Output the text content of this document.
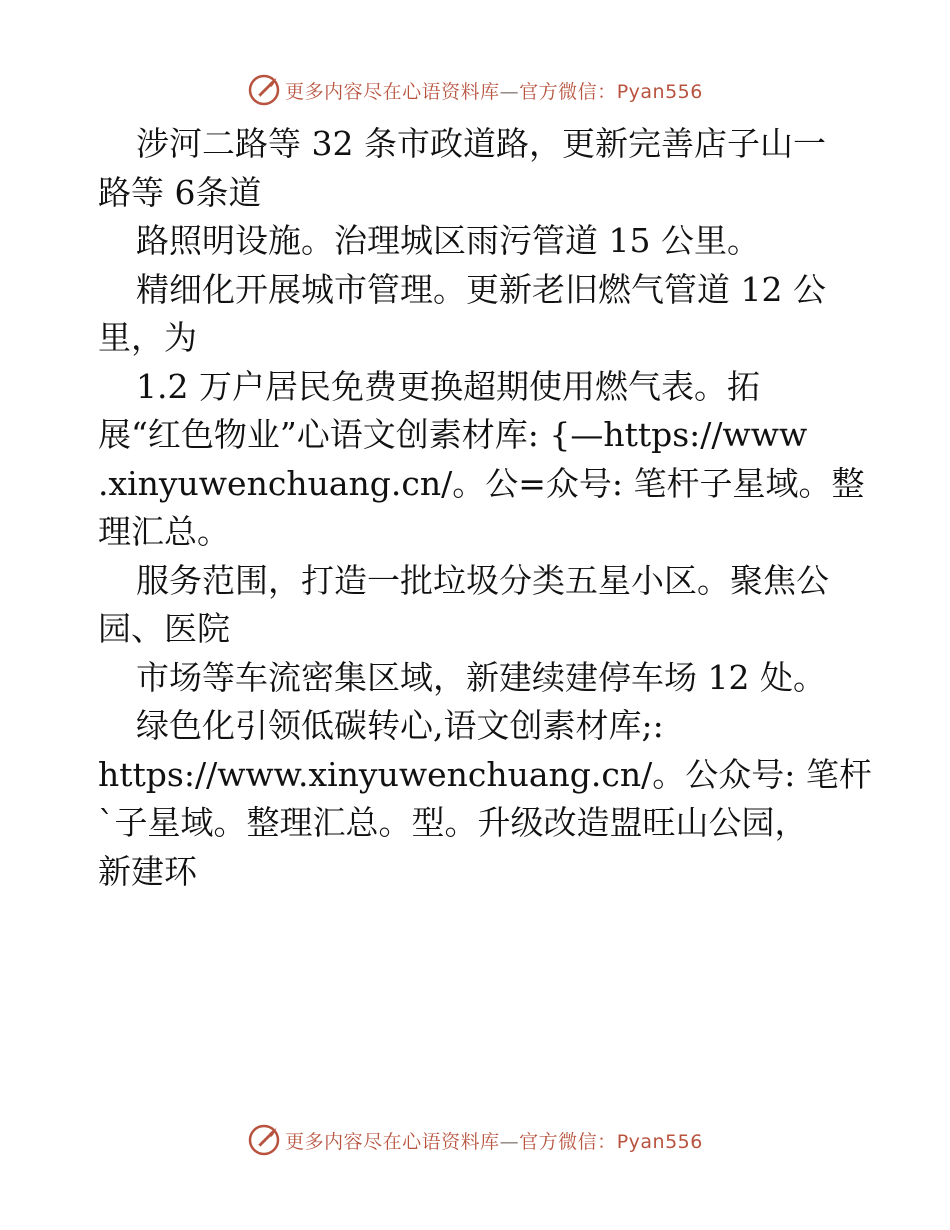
更多内容尽在心语资料库—官方微信：Pyan556
涉河二路等 32 条市政道路，更新完善店子山一
路等 6条道
路照明设施。治理城区雨污管道 15 公里。
精细化开展城市管理。更新老旧燃气管道 12 公
里，为
1.2 万户居民免费更换超期使用燃气表。拓
展“红色物业”心语文创素材库: {—https://www
.xinyuwenchuang.cn/。公=众号: 笔杆子星域。整
理汇总。
服务范围，打造一批垃圾分类五星小区。聚焦公
园、医院
市场等车流密集区域，新建续建停车场 12 处。
绿色化引领低碳转心,语文创素材库;:
https://www.xinyuwenchuang.cn/。公众号: 笔杆
`子星域。整理汇总。型。升级改造盟旺山公园，
新建环
更多内容尽在心语资料库—官方微信：Pyan556
